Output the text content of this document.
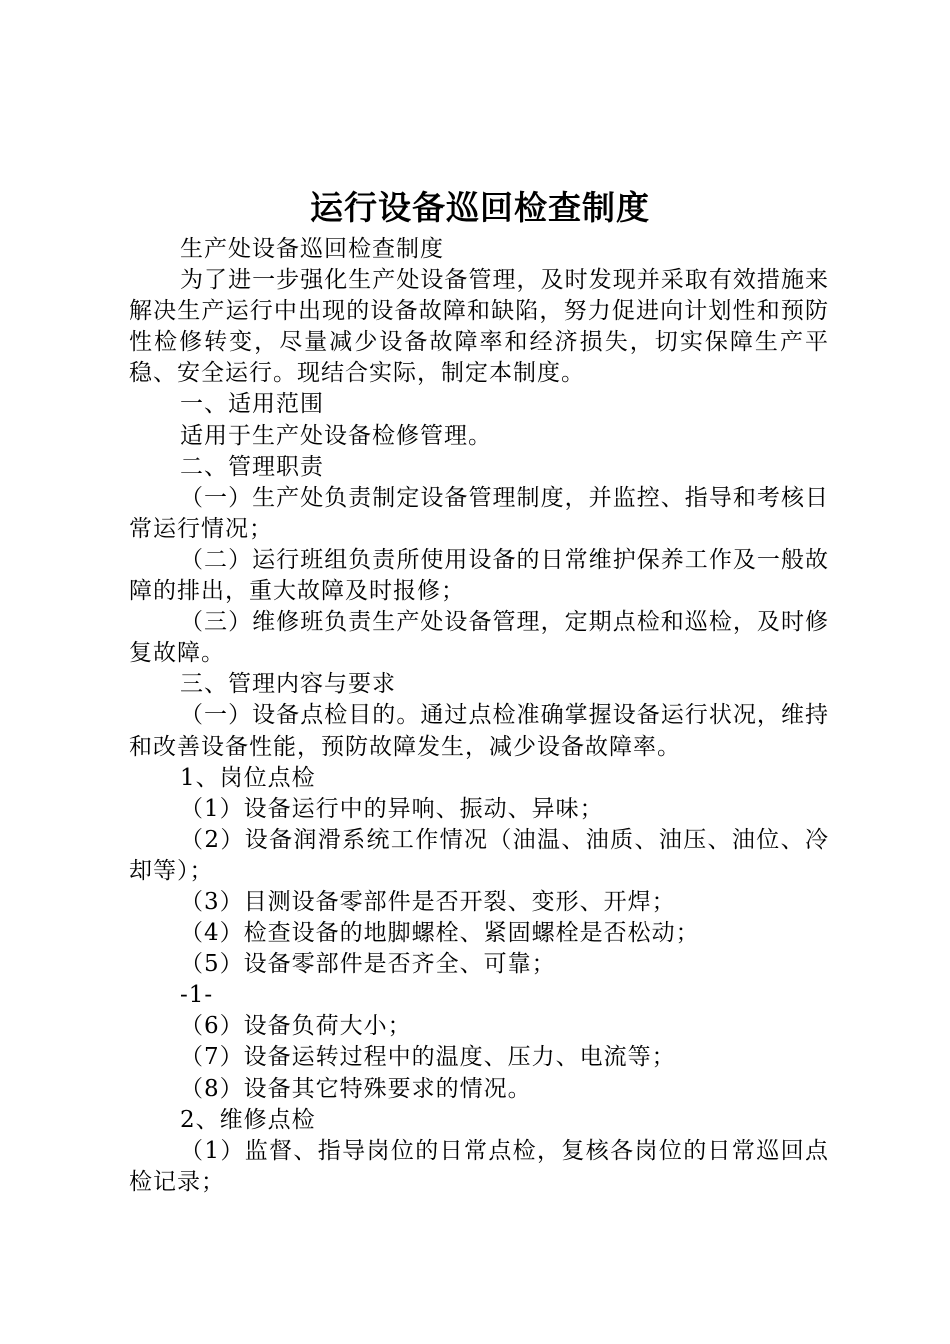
运行设备巡回检查制度

生产处设备巡回检查制度

为了进一步强化生产处设备管理，及时发现并采取有效措施来解决生产运行中出现的设备故障和缺陷，努力促进向计划性和预防性检修转变，尽量减少设备故障率和经济损失，切实保障生产平稳、安全运行。现结合实际，制定本制度。

一、适用范围

适用于生产处设备检修管理。

二、管理职责

（一）生产处负责制定设备管理制度，并监控、指导和考核日常运行情况；

（二）运行班组负责所使用设备的日常维护保养工作及一般故障的排出，重大故障及时报修；

（三）维修班负责生产处设备管理，定期点检和巡检，及时修复故障。

三、管理内容与要求

（一）设备点检目的。通过点检准确掌握设备运行状况，维持和改善设备性能，预防故障发生，减少设备故障率。

1、岗位点检

（1）设备运行中的异响、振动、异味；

（2）设备润滑系统工作情况（油温、油质、油压、油位、冷却等）；

（3）目测设备零部件是否开裂、变形、开焊；

（4）检查设备的地脚螺栓、紧固螺栓是否松动；

（5）设备零部件是否齐全、可靠；

-1-

（6）设备负荷大小；

（7）设备运转过程中的温度、压力、电流等；

（8）设备其它特殊要求的情况。

2、维修点检

（1）监督、指导岗位的日常点检，复核各岗位的日常巡回点检记录；
